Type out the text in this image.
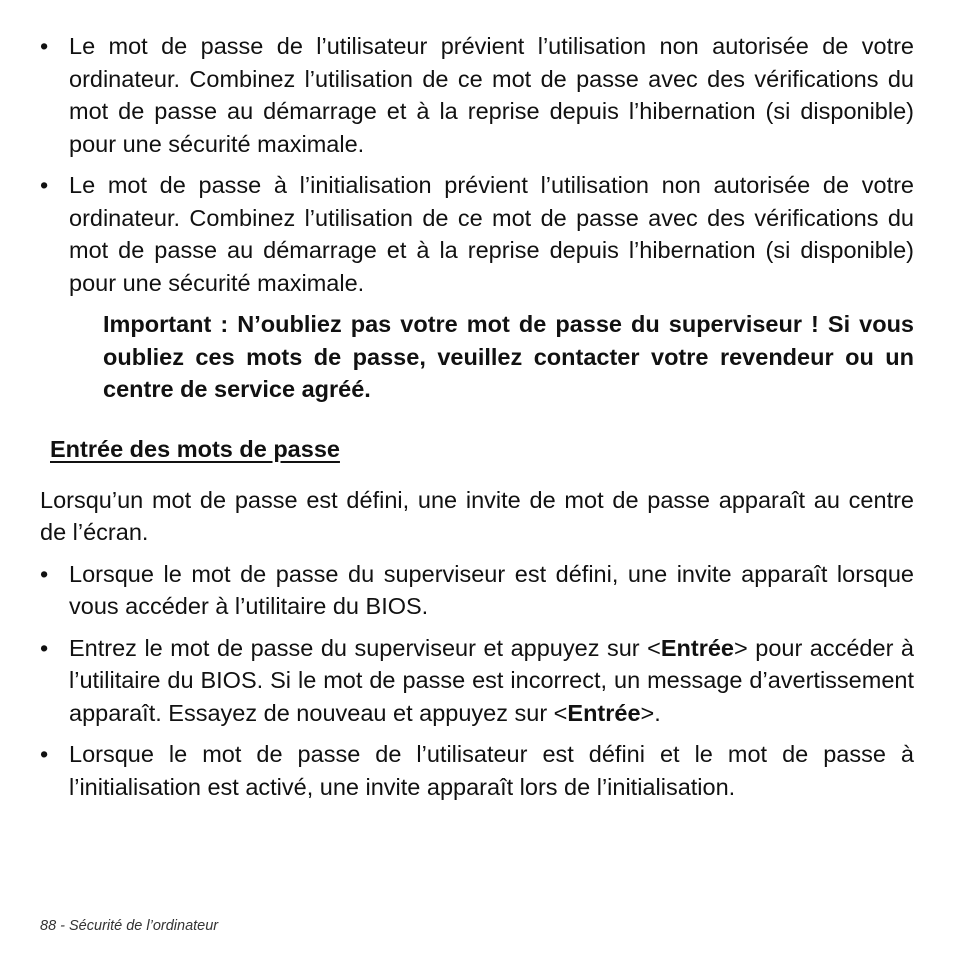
• Le mot de passe de l’utilisateur prévient l’utilisation non autorisée de votre ordinateur. Combinez l’utilisation de ce mot de passe avec des vérifications du mot de passe au démarrage et à la reprise depuis l’hibernation (si disponible) pour une sécurité maximale.

• Le mot de passe à l’initialisation prévient l’utilisation non autorisée de votre ordinateur. Combinez l’utilisation de ce mot de passe avec des vérifications du mot de passe au démarrage et à la reprise depuis l’hibernation (si disponible) pour une sécurité maximale.

Important : N’oubliez pas votre mot de passe du superviseur ! Si vous oubliez ces mots de passe, veuillez contacter votre revendeur ou un centre de service agréé.

Entrée des mots de passe

Lorsqu’un mot de passe est défini, une invite de mot de passe apparaît au centre de l’écran.

• Lorsque le mot de passe du superviseur est défini, une invite apparaît lorsque vous accéder à l’utilitaire du BIOS.

• Entrez le mot de passe du superviseur et appuyez sur <Entrée> pour accéder à l’utilitaire du BIOS. Si le mot de passe est incorrect, un message d’avertissement apparaît. Essayez de nouveau et appuyez sur <Entrée>.

• Lorsque le mot de passe de l’utilisateur est défini et le mot de passe à l’initialisation est activé, une invite apparaît lors de l’initialisation.

88 - Sécurité de l’ordinateur
